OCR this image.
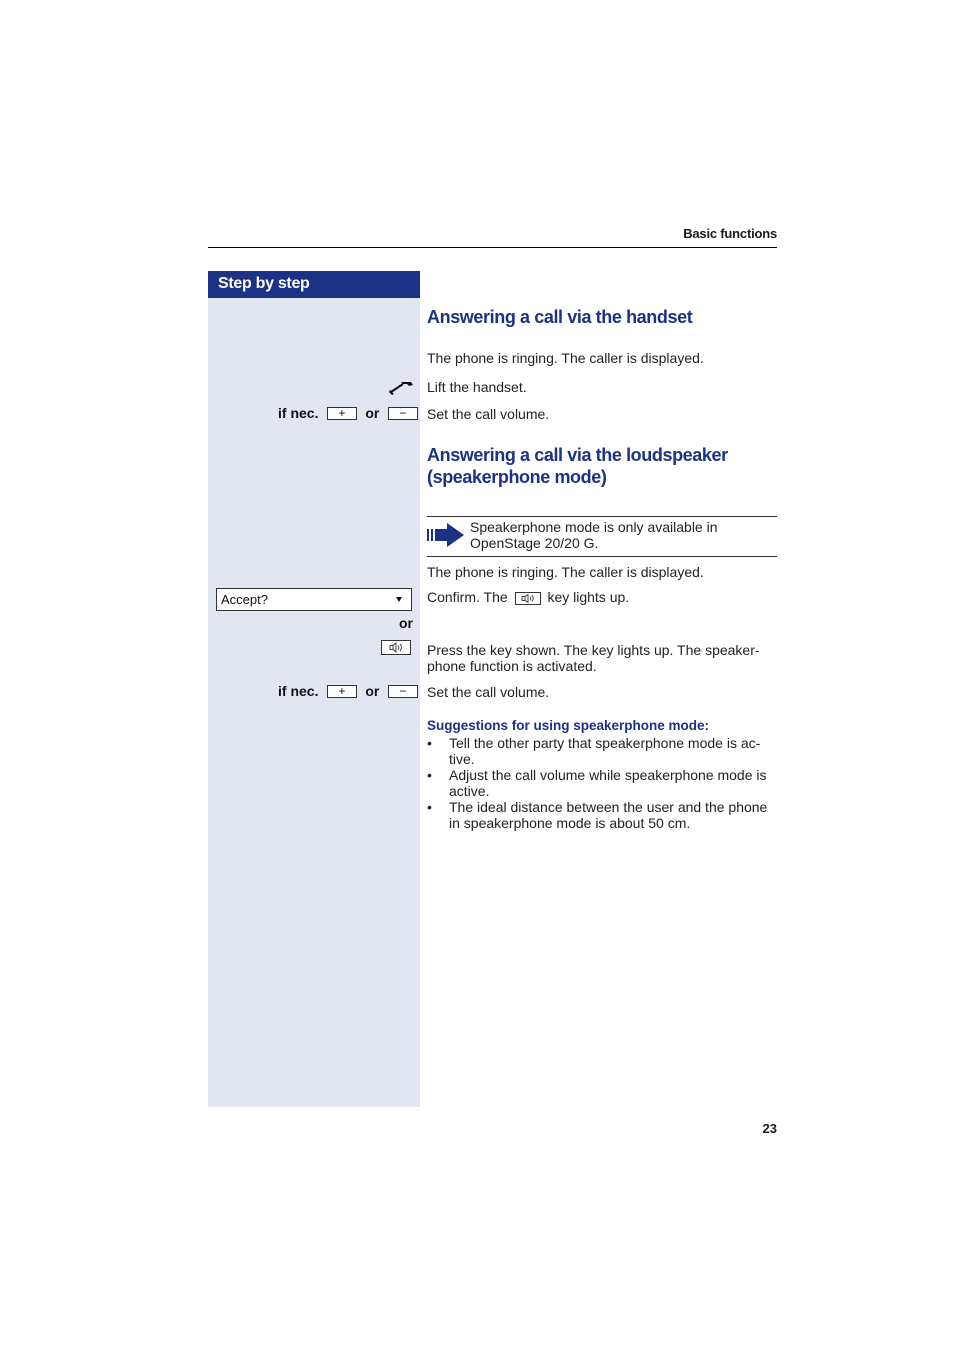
Basic functions
Step by step
Answering a call via the handset
The phone is ringing. The caller is displayed.
Lift the handset.
if nec. + or −	Set the call volume.
Answering a call via the loudspeaker
(speakerphone mode)
Speakerphone mode is only available in
OpenStage 20/20 G.
The phone is ringing. The caller is displayed.
Accept?	Confirm. The	key lights up.
or
Press the key shown. The key lights up. The speaker-
phone function is activated.
if nec. + or −	Set the call volume.
Suggestions for using speakerphone mode:
• Tell the other party that speakerphone mode is ac-
tive.
• Adjust the call volume while speakerphone mode is
active.
• The ideal distance between the user and the phone
in speakerphone mode is about 50 cm.
23
